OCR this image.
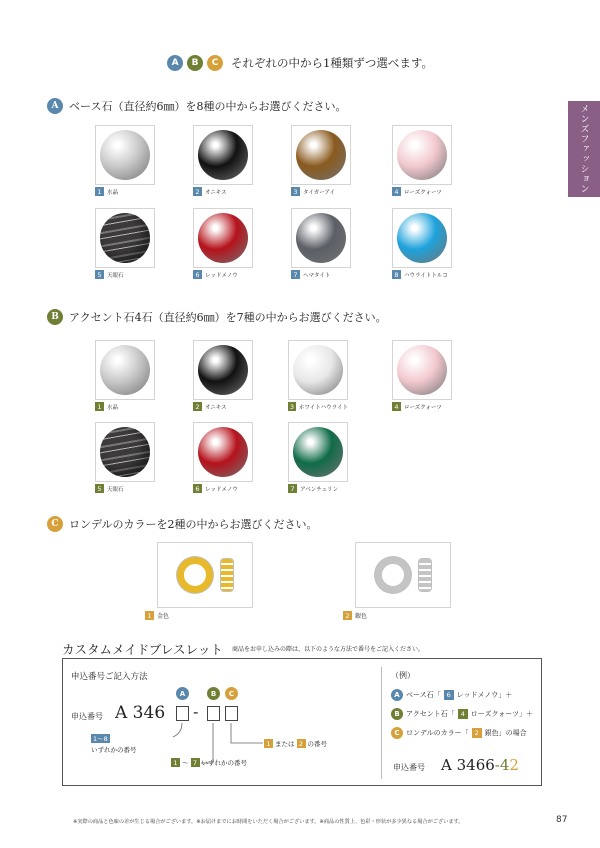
A	B	C	それぞれの中から1種類ずつ選べます。
メンズファッション
A ベース石（直径約6㎜）を8種の中からお選びください。
1 水晶	2 オニキス	3 タイガーアイ	4 ローズクォーツ
5 天眼石	6 レッドメノウ	7 ヘマタイト	8 ハウライトトルコ
B アクセント石4石（直径約6㎜）を7種の中からお選びください。
1 水晶	2 オニキス	3 ホワイトハウライト	4 ローズクォーツ
5 天眼石	6 レッドメノウ	7 アベンチュリン
C ロンデルのカラーを2種の中からお選びください。
1 金色	2 銀色
カスタムメイドブレスレット 商品をお申し込みの際は、以下のような方法で番号をご記入ください。
申込番号ご記入方法
申込番号 A 346
A	B	C
-
1～8
いずれかの番号
1 または 2 の番号
1 ～ 7 いずれかの番号
（例）
A ベース石「 6 レッドメノウ」＋
B アクセント石「 4 ローズクォーツ」＋
C ロンデルのカラー「 2 銀色」の場合
申込番号 A 3466-42
※実際の商品と色味の差が生じる場合がございます。※お届けまでにお時間をいただく場合がございます。※商品の性質上、色彩・形状が多少異なる場合がございます。	87
